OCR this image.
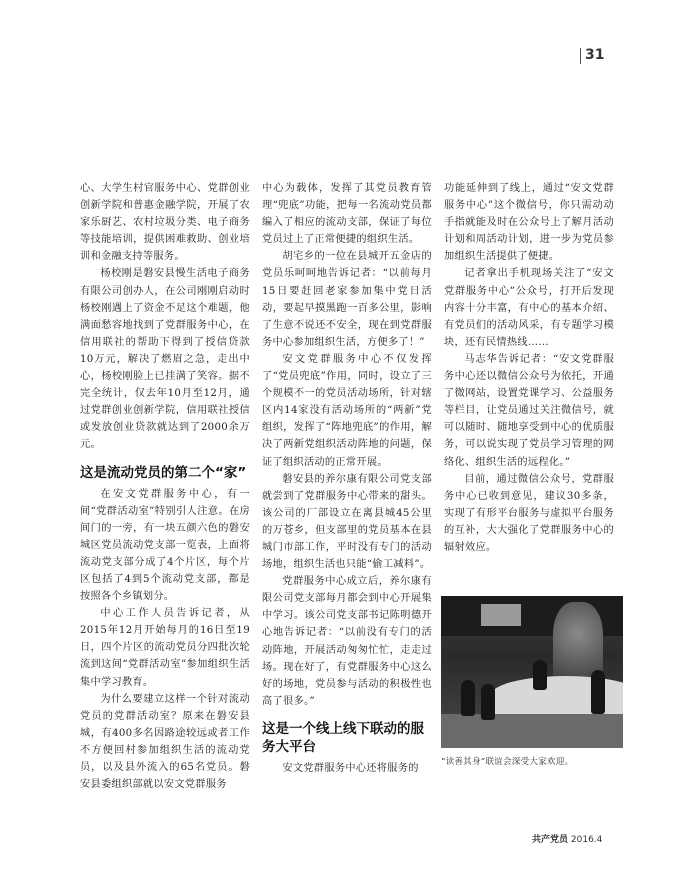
31

心、大学生村官服务中心、党群创业创新学院和普惠金融学院，开展了农家乐厨艺、农村垃圾分类、电子商务等技能培训，提供困难救助、创业培训和金融支持等服务。

杨校刚是磐安县慢生活电子商务有限公司创办人，在公司刚刚启动时杨校刚遇上了资金不足这个难题，他满面愁容地找到了党群服务中心，在信用联社的帮助下得到了授信贷款10万元，解决了燃眉之急，走出中心，杨校刚脸上已挂满了笑容。据不完全统计，仅去年10月至12月，通过党群创业创新学院，信用联社授信或发放创业贷款就达到了2000余万元。

这是流动党员的第二个“家”

在安文党群服务中心，有一间“党群活动室”特别引人注意。在房间门的一旁，有一块五颜六色的磐安城区党员流动党支部一览表，上面将流动党支部分成了4个片区，每个片区包括了4到5个流动党支部，都是按照各个乡镇划分。

中心工作人员告诉记者，从2015年12月开始每月的16日至19日，四个片区的流动党员分四批次轮流到这间“党群活动室”参加组织生活集中学习教育。

为什么要建立这样一个针对流动党员的党群活动室？原来在磐安县城，有400多名因路途较远或者工作不方便回村参加组织生活的流动党员，以及县外流入的65名党员。磐安县委组织部就以安文党群服务

中心为载体，发挥了其党员教育管理“兜底”功能，把每一名流动党员都编入了相应的流动支部，保证了每位党员过上了正常便捷的组织生活。

胡宅乡的一位在县城开五金店的党员乐呵呵地告诉记者：“以前每月15日要赶回老家参加集中党日活动，要起早摸黑跑一百多公里，影响了生意不说还不安全，现在到党群服务中心参加组织生活，方便多了！”

安文党群服务中心不仅发挥了“党员兜底”作用，同时，设立了三个规模不一的党员活动场所，针对辖区内14家没有活动场所的“两新”党组织，发挥了“阵地兜底”的作用，解决了两新党组织活动阵地的问题，保证了组织活动的正常开展。

磐安县的养尔康有限公司党支部就尝到了党群服务中心带来的甜头。该公司的厂部设立在离县城45公里的万苍乡，但支部里的党员基本在县城门市部工作，平时没有专门的活动场地，组织生活也只能“偷工减料”。

党群服务中心成立后，养尔康有限公司党支部每月都会到中心开展集中学习。该公司党支部书记陈明德开心地告诉记者：“以前没有专门的活动阵地，开展活动匆匆忙忙，走走过场。现在好了，有党群服务中心这么好的场地，党员参与活动的积极性也高了很多。”

这是一个线上线下联动的服务大平台

安文党群服务中心还将服务的

功能延伸到了线上，通过“安文党群服务中心”这个微信号，你只需动动手指就能及时在公众号上了解月活动计划和周活动计划，进一步为党员参加组织生活提供了便捷。

记者拿出手机现场关注了“安文党群服务中心”公众号，打开后发现内容十分丰富，有中心的基本介绍、有党员们的活动风采，有专题学习模块，还有民情热线……

马志华告诉记者：“安文党群服务中心还以微信公众号为依托，开通了微网站，设置党课学习、公益服务等栏目，让党员通过关注微信号，就可以随时、随地享受到中心的优质服务，可以说实现了党员学习管理的网络化、组织生活的远程化。”

目前，通过微信公众号，党群服务中心已收到意见，建议30多条，实现了有形平台服务与虚拟平台服务的互补，大大强化了党群服务中心的辐射效应。

“读善其身”联谊会深受大家欢迎。
共产党员 2016.4
